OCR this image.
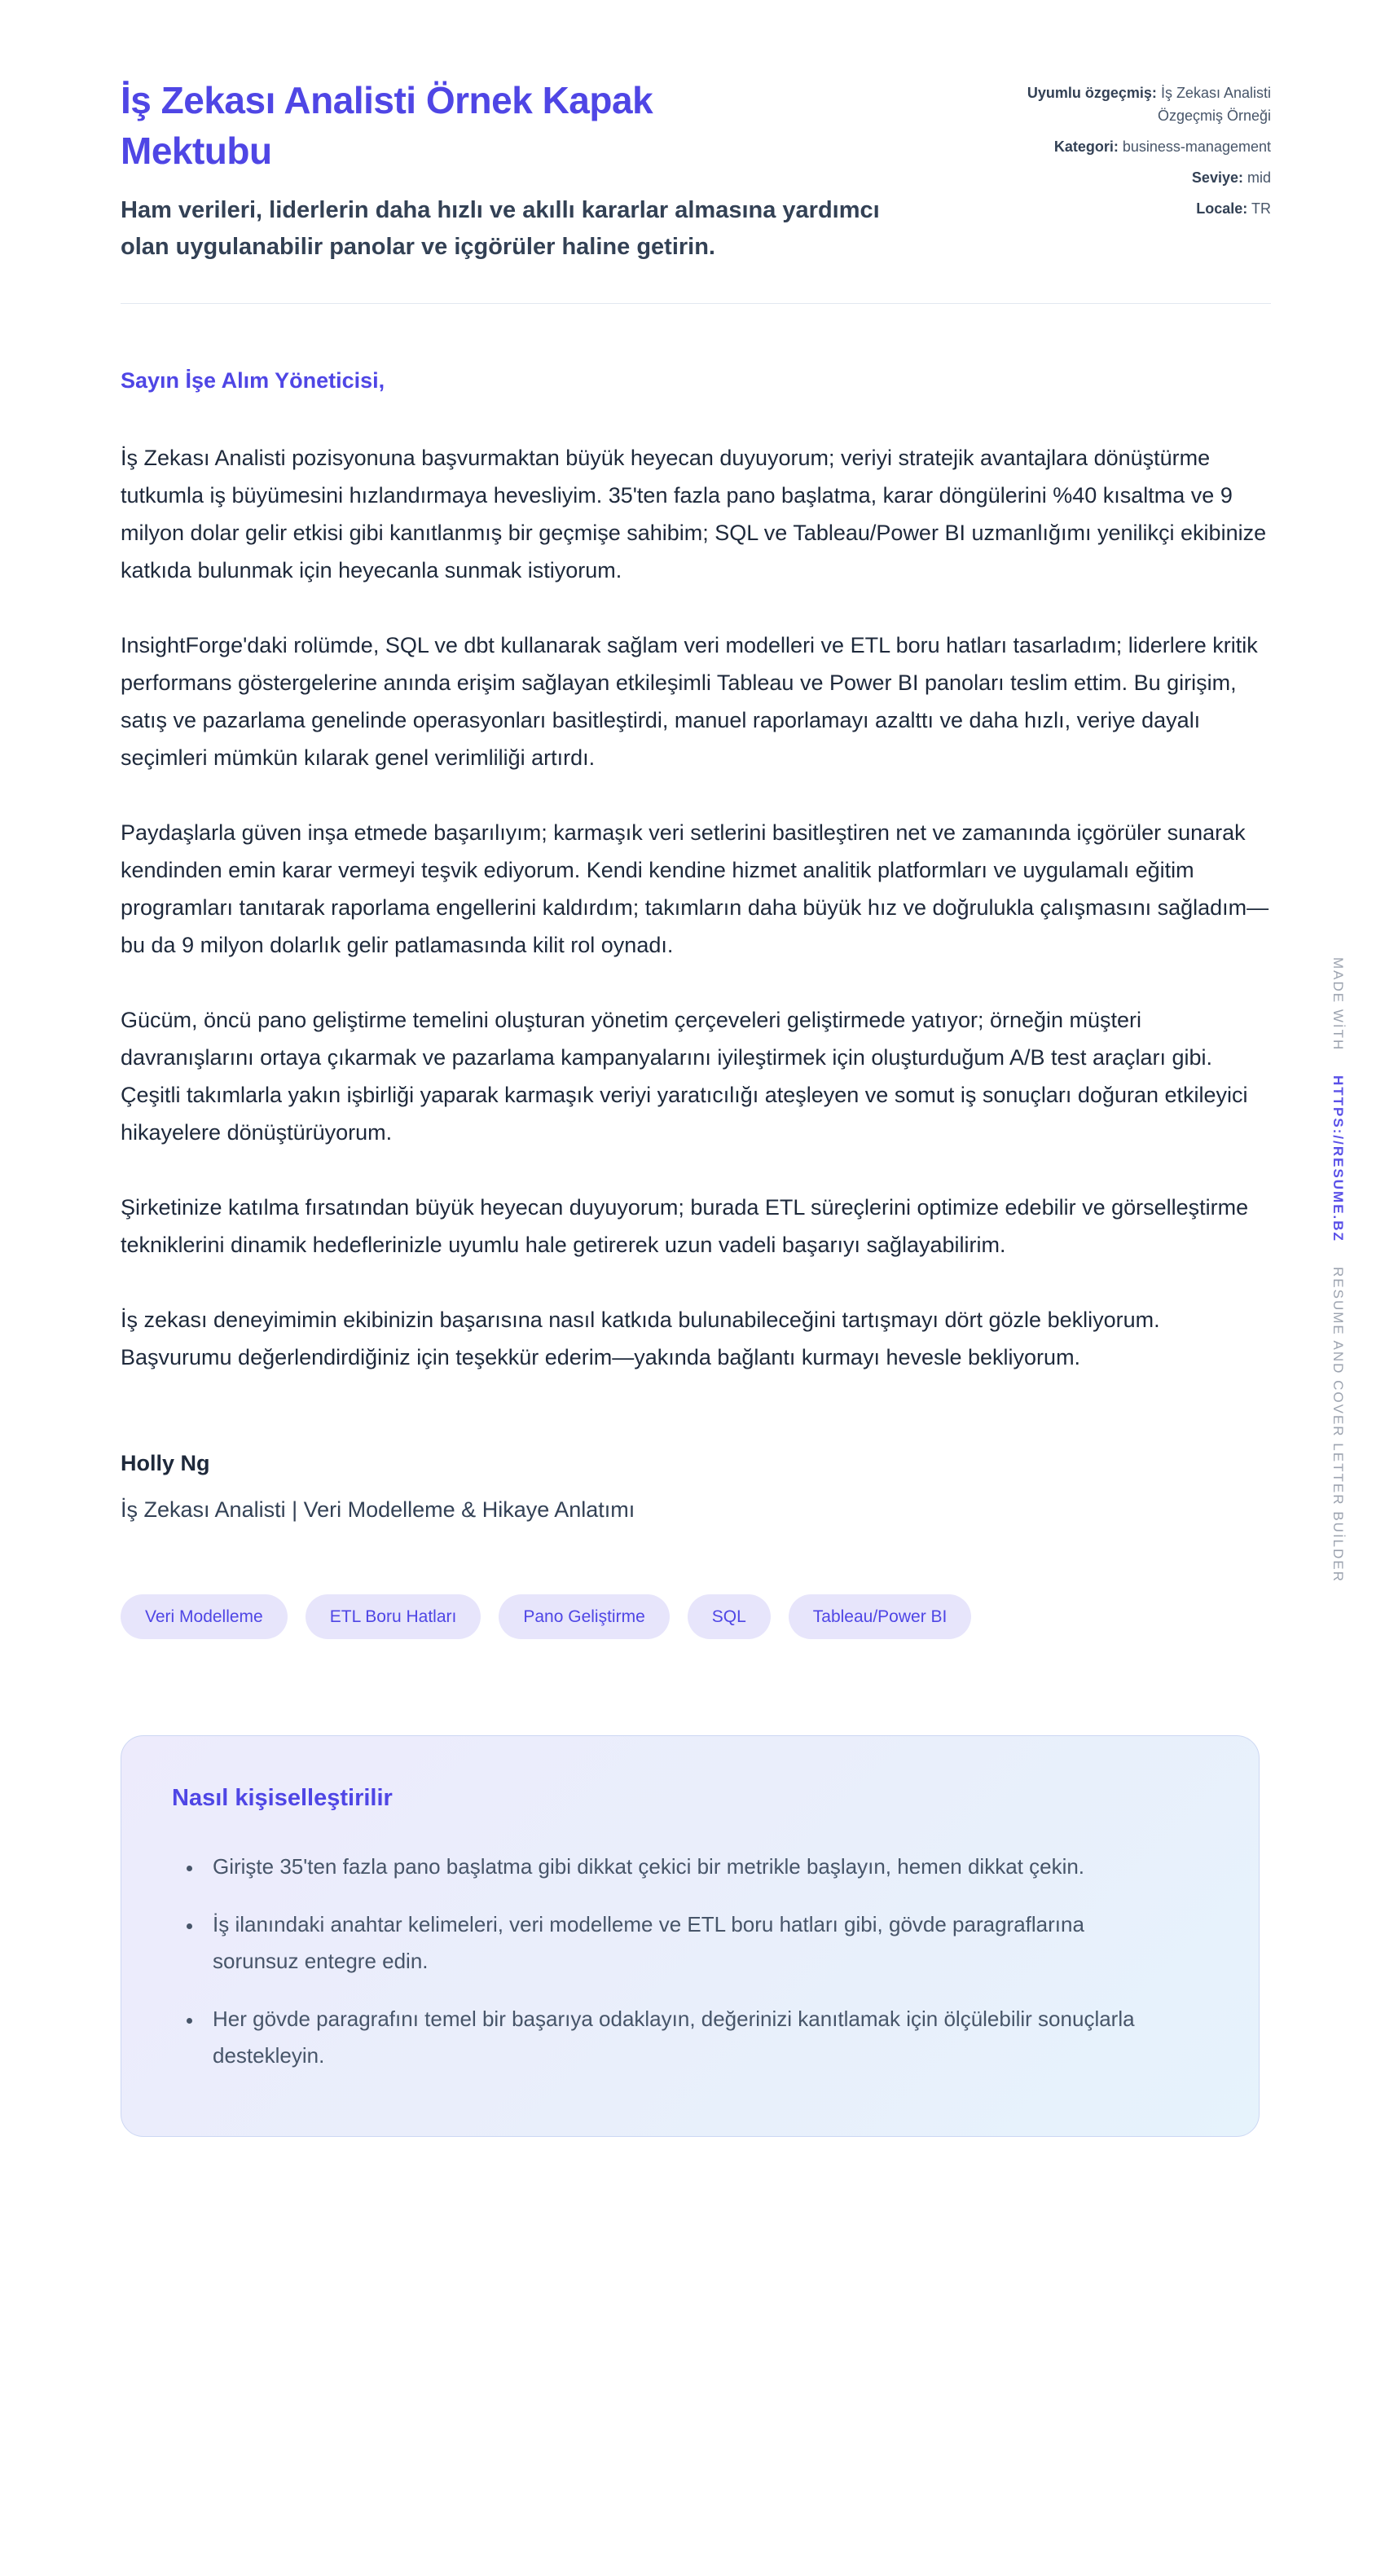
İş Zekası Analisti Örnek Kapak Mektubu

Ham verileri, liderlerin daha hızlı ve akıllı kararlar almasına yardımcı olan uygulanabilir panolar ve içgörüler haline getirin.

Uyumlu özgeçmiş: İş Zekası Analisti Özgeçmiş Örneği
Kategori: business-management
Seviye: mid
Locale: TR

Sayın İşe Alım Yöneticisi,

İş Zekası Analisti pozisyonuna başvurmaktan büyük heyecan duyuyorum; veriyi stratejik avantajlara dönüştürme tutkumla iş büyümesini hızlandırmaya hevesliyim. 35'ten fazla pano başlatma, karar döngülerini %40 kısaltma ve 9 milyon dolar gelir etkisi gibi kanıtlanmış bir geçmişe sahibim; SQL ve Tableau/Power BI uzmanlığımı yenilikçi ekibinize katkıda bulunmak için heyecanla sunmak istiyorum.

InsightForge'daki rolümde, SQL ve dbt kullanarak sağlam veri modelleri ve ETL boru hatları tasarladım; liderlere kritik performans göstergelerine anında erişim sağlayan etkileşimli Tableau ve Power BI panoları teslim ettim. Bu girişim, satış ve pazarlama genelinde operasyonları basitleştirdi, manuel raporlamayı azalttı ve daha hızlı, veriye dayalı seçimleri mümkün kılarak genel verimliliği artırdı.

Paydaşlarla güven inşa etmede başarılıyım; karmaşık veri setlerini basitleştiren net ve zamanında içgörüler sunarak kendinden emin karar vermeyi teşvik ediyorum. Kendi kendine hizmet analitik platformları ve uygulamalı eğitim programları tanıtarak raporlama engellerini kaldırdım; takımların daha büyük hız ve doğrulukla çalışmasını sağladım—bu da 9 milyon dolarlık gelir patlamasında kilit rol oynadı.

Gücüm, öncü pano geliştirme temelini oluşturan yönetim çerçeveleri geliştirmede yatıyor; örneğin müşteri davranışlarını ortaya çıkarmak ve pazarlama kampanyalarını iyileştirmek için oluşturduğum A/B test araçları gibi. Çeşitli takımlarla yakın işbirliği yaparak karmaşık veriyi yaratıcılığı ateşleyen ve somut iş sonuçları doğuran etkileyici hikayelere dönüştürüyorum.

Şirketinize katılma fırsatından büyük heyecan duyuyorum; burada ETL süreçlerini optimize edebilir ve görselleştirme tekniklerini dinamik hedeflerinizle uyumlu hale getirerek uzun vadeli başarıyı sağlayabilirim.

İş zekası deneyimimin ekibinizin başarısına nasıl katkıda bulunabileceğini tartışmayı dört gözle bekliyorum. Başvurumu değerlendirdiğiniz için teşekkür ederim—yakında bağlantı kurmayı hevesle bekliyorum.

Holly Ng

İş Zekası Analisti | Veri Modelleme & Hikaye Anlatımı

Veri Modelleme	ETL Boru Hatları	Pano Geliştirme	SQL	Tableau/Power BI
Nasıl kişiselleştirilir
• Girişte 35'ten fazla pano başlatma gibi dikkat çekici bir metrikle başlayın, hemen dikkat çekin.
• İş ilanındaki anahtar kelimeleri, veri modelleme ve ETL boru hatları gibi, gövde paragraflarına sorunsuz entegre edin.
• Her gövde paragrafını temel bir başarıya odaklayın, değerinizi kanıtlamak için ölçülebilir sonuçlarla destekleyin.
MADE WİTH
HTTPS://RESUME.BZ
RESUME AND COVER LETTER BUİLDER
